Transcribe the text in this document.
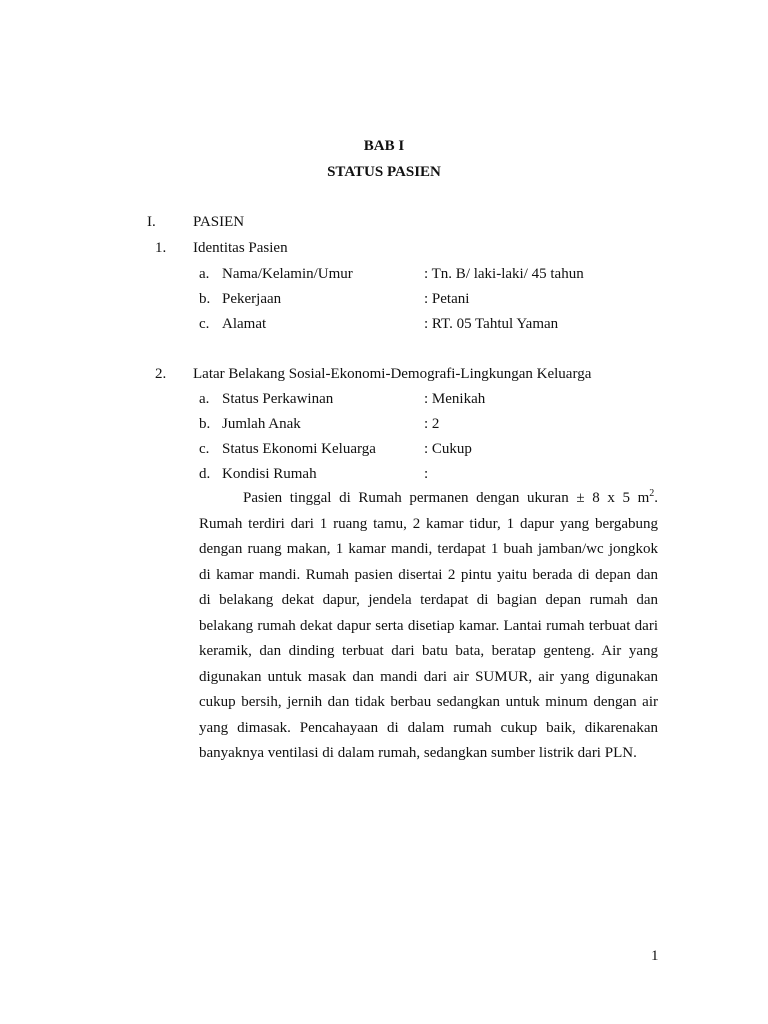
BAB I
STATUS PASIEN
I. PASIEN
1. Identitas Pasien
a. Nama/Kelamin/Umur	: Tn. B/ laki-laki/ 45 tahun
b. Pekerjaan	: Petani
c. Alamat	: RT. 05 Tahtul Yaman
2. Latar Belakang Sosial-Ekonomi-Demografi-Lingkungan Keluarga
a. Status Perkawinan	: Menikah
b. Jumlah Anak	: 2
c. Status Ekonomi Keluarga	: Cukup
d. Kondisi Rumah	:
Pasien tinggal di Rumah permanen dengan ukuran ± 8 x 5 $m^2$.
Rumah terdiri dari 1 ruang tamu, 2 kamar tidur, 1 dapur yang bergabung
dengan ruang makan, 1 kamar mandi, terdapat 1 buah jamban/wc jongkok
di kamar mandi. Rumah pasien disertai 2 pintu yaitu berada di depan dan
di belakang dekat dapur, jendela terdapat di bagian depan rumah dan
belakang rumah dekat dapur serta disetiap kamar. Lantai rumah terbuat dari
keramik, dan dinding terbuat dari batu bata, beratap genteng. Air yang
digunakan untuk masak dan mandi dari air SUMUR, air yang digunakan
cukup bersih, jernih dan tidak berbau sedangkan untuk minum dengan air
yang dimasak. Pencahayaan di dalam rumah cukup baik, dikarenakan
banyaknya ventilasi di dalam rumah, sedangkan sumber listrik dari PLN.
1
